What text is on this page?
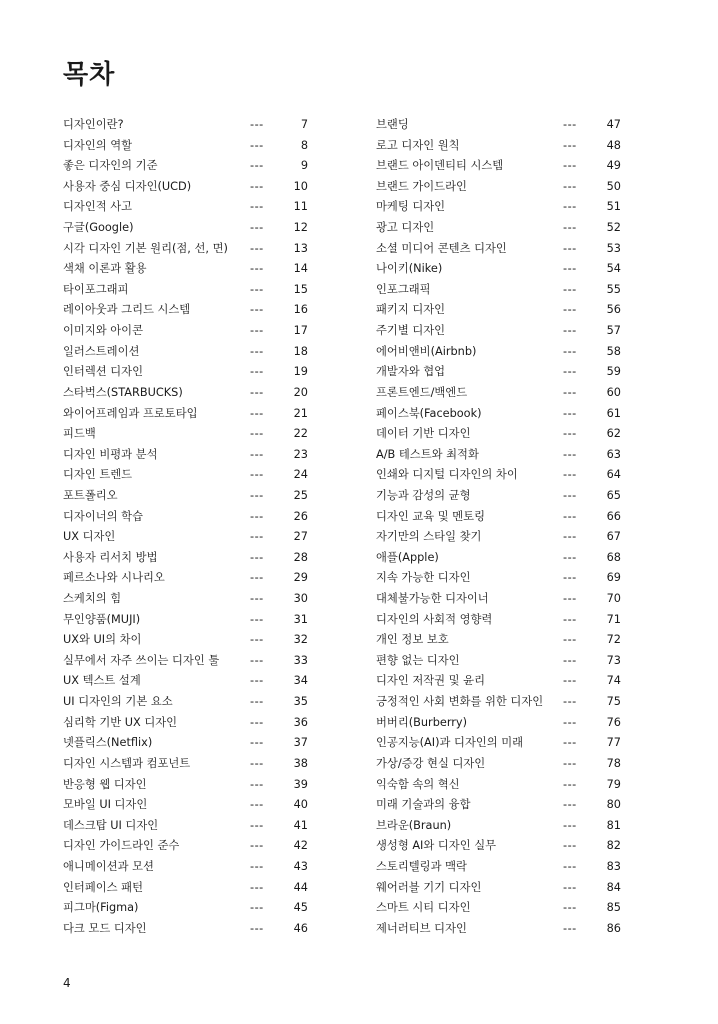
목차
디자인이란?	---	7
디자인의 역할	---	8
좋은 디자인의 기준	---	9
사용자 중심 디자인(UCD)	---	10
디자인적 사고	---	11
구글(Google)	---	12
시각 디자인 기본 원리(점, 선, 면) ---	13
색채 이론과 활용	---	14
타이포그래피	---	15
레이아웃과 그리드 시스템	---	16
이미지와 아이콘	---	17
일러스트레이션	---	18
인터렉션 디자인	---	19
스타벅스(STARBUCKS)	---	20
와이어프레임과 프로토타입	---	21
피드백	---	22
디자인 비평과 분석	---	23
디자인 트렌드	---	24
포트폴리오	---	25
디자이너의 학습	---	26
UX 디자인	---	27
사용자 리서치 방법	---	28
페르소나와 시나리오	---	29
스케치의 힘	---	30
무인양품(MUJI)	---	31
UX와 UI의 차이	---	32
실무에서 자주 쓰이는 디자인 툴	---	33
UX 텍스트 설계	---	34
UI 디자인의 기본 요소	---	35
심리학 기반 UX 디자인	---	36
넷플릭스(Netflix)	---	37
디자인 시스템과 컴포넌트	---	38
반응형 웹 디자인	---	39
모바일 UI 디자인	---	40
데스크탑 UI 디자인	---	41
디자인 가이드라인 준수	---	42
애니메이션과 모션	---	43
인터페이스 패턴	---	44
피그마(Figma)	---	45
다크 모드 디자인	---	46
브랜딩	---	47
로고 디자인 원칙	---	48
브랜드 아이덴티티 시스템	---	49
브랜드 가이드라인	---	50
마케팅 디자인	---	51
광고 디자인	---	52
소셜 미디어 콘텐츠 디자인	---	53
나이키(Nike)	---	54
인포그래픽	---	55
패키지 디자인	---	56
주기별 디자인	---	57
에어비앤비(Airbnb)	---	58
개발자와 협업	---	59
프론트엔드/백엔드	---	60
페이스북(Facebook)	---	61
데이터 기반 디자인	---	62
A/B 테스트와 최적화	---	63
인쇄와 디지털 디자인의 차이	---	64
기능과 감성의 균형	---	65
디자인 교육 및 멘토링	---	66
자기만의 스타일 찾기	---	67
애플(Apple)	---	68
지속 가능한 디자인	---	69
대체불가능한 디자이너	---	70
디자인의 사회적 영향력	---	71
개인 정보 보호	---	72
편향 없는 디자인	---	73
디자인 저작권 및 윤리	---	74
긍정적인 사회 변화를 위한 디자인 ---	75
버버리(Burberry)	---	76
인공지능(AI)과 디자인의 미래	---	77
가상/증강 현실 디자인	---	78
익숙함 속의 혁신	---	79
미래 기술과의 융합	---	80
브라운(Braun)	---	81
생성형 AI와 디자인 실무	---	82
스토리텔링과 맥락	---	83
웨어러블 기기 디자인	---	84
스마트 시티 디자인	---	85
제너러티브 디자인	---	86
4
